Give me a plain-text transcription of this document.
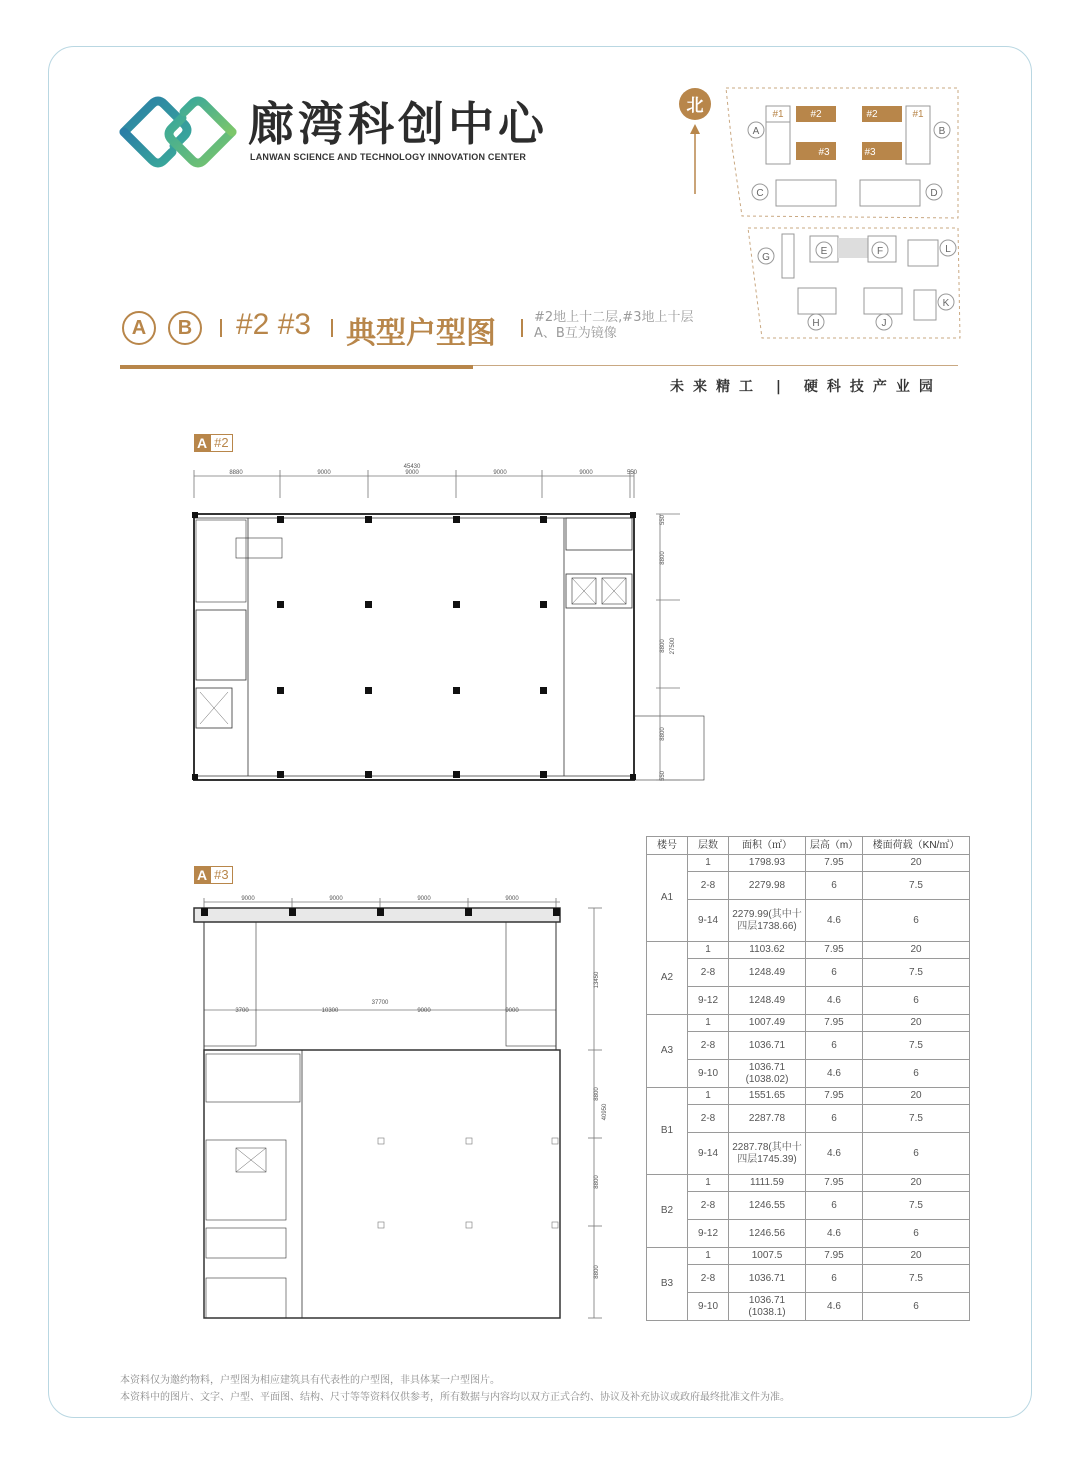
廊湾科创中心
LANWAN SCIENCE AND TECHNOLOGY INNOVATION CENTER
北	#1	#2	#2	#1
#3	#3
A	B
C	D
G
E	F	L
K
H	J
A	B	#2 #3 典型户型图	#2地上十二层,#3地上十层
A、B互为镜像
未来精工 | 硬科技产业园
A #2
45430
8880	9000	9000	9000	9000	550
550
8800
8800 27500
8800
550
A #3
9000	9000	9000	9000
37700
3700	10300	9000	9000
13450
8800
40950
8800
8800
楼号	层数	面积（㎡）	层高（m）	楼面荷载（KN/㎡）
A1	1	1798.93	7.95	20
	2-8	2279.98	6	7.5
	9-14	2279.99(其中十四层1738.66)	4.6	6
A2	1	1103.62	7.95	20
	2-8	1248.49	6	7.5
	9-12	1248.49	4.6	6
A3	1	1007.49	7.95	20
	2-8	1036.71	6	7.5
	9-10	1036.71 (1038.02)	4.6	6
B1	1	1551.65	7.95	20
	2-8	2287.78	6	7.5
	9-14	2287.78(其中十四层1745.39)	4.6	6
B2	1	1111.59	7.95	20
	2-8	1246.55	6	7.5
	9-12	1246.56	4.6	6
B3	1	1007.5	7.95	20
	2-8	1036.71	6	7.5
	9-10	1036.71 (1038.1)	4.6	6
本资料仅为邀约物料，户型图为相应建筑具有代表性的户型图，非具体某一户型图片。
本资料中的图片、文字、户型、平面图、结构、尺寸等等资料仅供参考，所有数据与内容均以双方正式合约、协议及补充协议或政府最终批准文件为准。
